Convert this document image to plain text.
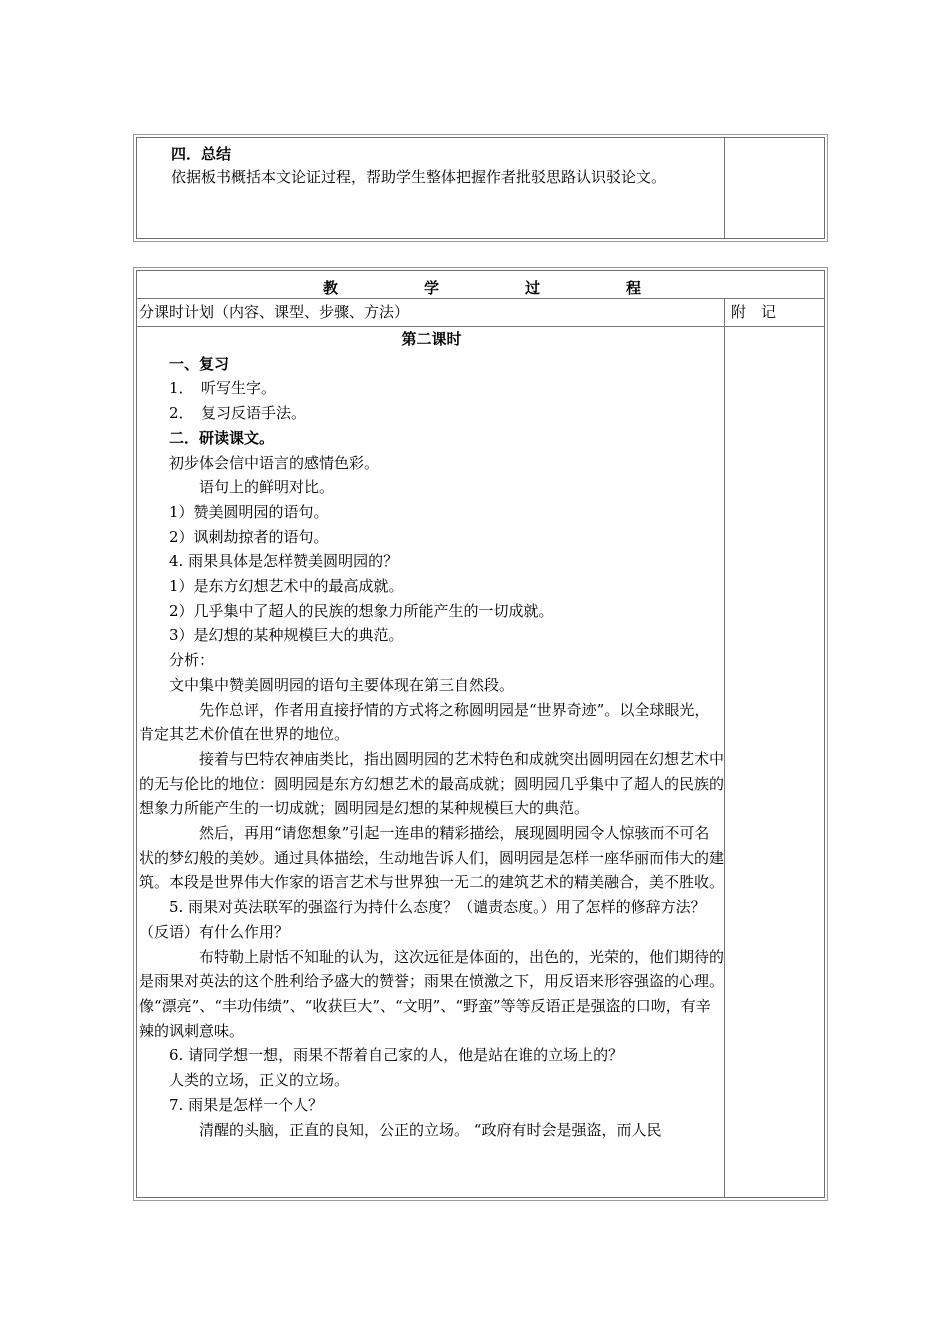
四．总结
依据板书概括本文论证过程，帮助学生整体把握作者批驳思路认识驳论文。
教	学	过	程
分课时计划（内容、课型、步骤、方法）	附　记

第二课时

一、复习

1．　听写生字。

2．　复习反语手法。

二．研读课文。

初步体会信中语言的感情色彩。

语句上的鲜明对比。

1）赞美圆明园的语句。

2）讽刺劫掠者的语句。

4. 雨果具体是怎样赞美圆明园的？

1）是东方幻想艺术中的最高成就。

2）几乎集中了超人的民族的想象力所能产生的一切成就。

3）是幻想的某种规模巨大的典范。

分析：

文中集中赞美圆明园的语句主要体现在第三自然段。

先作总评，作者用直接抒情的方式将之称圆明园是“世界奇迹”。以全球眼光，肯定其艺术价值在世界的地位。

接着与巴特农神庙类比，指出圆明园的艺术特色和成就突出圆明园在幻想艺术中的无与伦比的地位：圆明园是东方幻想艺术的最高成就；圆明园几乎集中了超人的民族的想象力所能产生的一切成就；圆明园是幻想的某种规模巨大的典范。

然后，再用“请您想象”引起一连串的精彩描绘，展现圆明园令人惊骇而不可名状的梦幻般的美妙。通过具体描绘，生动地告诉人们，圆明园是怎样一座华丽而伟大的建筑。本段是世界伟大作家的语言艺术与世界独一无二的建筑艺术的精美融合，美不胜收。

5. 雨果对英法联军的强盗行为持什么态度？（谴责态度。）用了怎样的修辞方法？（反语）有什么作用？

布特勒上尉恬不知耻的认为，这次远征是体面的，出色的，光荣的，他们期待的是雨果对英法的这个胜利给予盛大的赞誉；雨果在愤激之下，用反语来形容强盗的心理。像“漂亮”、“丰功伟绩”、“收获巨大”、“文明”、“野蛮”等等反语正是强盗的口吻，有辛辣的讽刺意味。

6. 请同学想一想，雨果不帮着自己家的人，他是站在谁的立场上的？

人类的立场，正义的立场。

7. 雨果是怎样一个人？

清醒的头脑，正直的良知，公正的立场。 “政府有时会是强盗，而人民
